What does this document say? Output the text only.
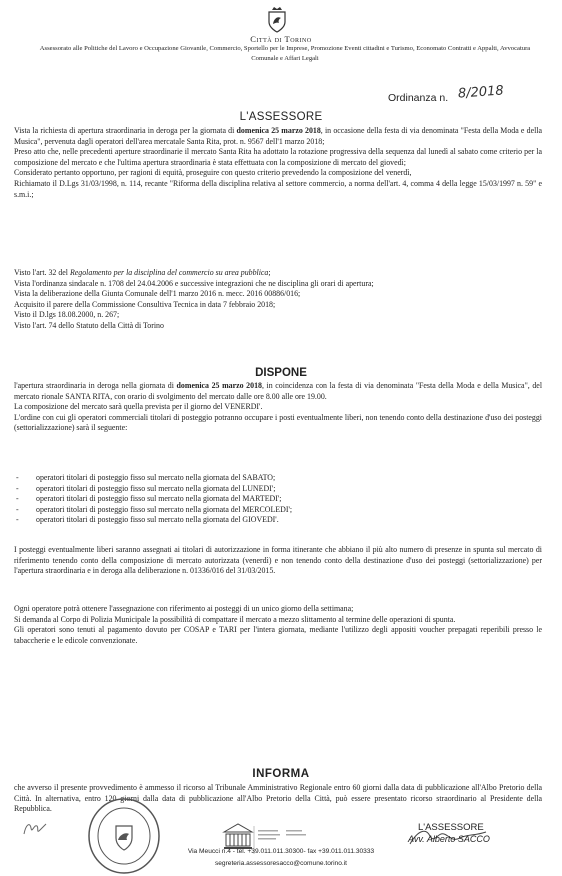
Città di Torino
Assessorato alle Politiche del Lavoro e Occupazione Giovanile, Commercio, Sportello per le Imprese, Promozione Eventi cittadini e Turismo, Economato Contratti e Appalti, Avvocatura Comunale e Affari Legali
Ordinanza n. 8/2018
L'ASSESSORE

Vista la richiesta di apertura straordinaria in deroga per la giornata di domenica 25 marzo 2018, in occasione della festa di via denominata "Festa della Moda e della Musica", pervenuta dagli operatori dell'area mercatale Santa Rita, prot. n. 9567 dell'1 marzo 2018;

Preso atto che, nelle precedenti aperture straordinarie il mercato Santa Rita ha adottato la rotazione progressiva della sequenza dal lunedì al sabato come criterio per la composizione del mercato e che l'ultima apertura straordinaria è stata effettuata con la composizione di mercato del giovedì;

Considerato pertanto opportuno, per ragioni di equità, proseguire con questo criterio prevedendo la composizione del venerdì,

Richiamato il D.Lgs 31/03/1998, n. 114, recante "Riforma della disciplina relativa al settore commercio, a norma dell'art. 4, comma 4 della legge 15/03/1997 n. 59" e s.m.i.;

Visto l'art. 32 del Regolamento per la disciplina del commercio su area pubblica;

Vista l'ordinanza sindacale n. 1708 del 24.04.2006 e successive integrazioni che ne disciplina gli orari di apertura;

Vista la deliberazione della Giunta Comunale dell'1 marzo 2016 n. mecc. 2016 00886/016;

Acquisito il parere della Commissione Consultiva Tecnica in data 7 febbraio 2018;

Visto il D.lgs 18.08.2000, n. 267;

Visto l'art. 74 dello Statuto della Città di Torino

DISPONE

l'apertura straordinaria in deroga nella giornata di domenica 25 marzo 2018, in coincidenza con la festa di via denominata "Festa della Moda e della Musica", del mercato rionale SANTA RITA, con orario di svolgimento del mercato dalle ore 8.00 alle ore 19.00.

La composizione del mercato sarà quella prevista per il giorno del VENERDI'.

L'ordine con cui gli operatori commerciali titolari di posteggio potranno occupare i posti eventualmente liberi, non tenendo conto della destinazione d'uso dei posteggi (settorializzazione) sarà il seguente:

- operatori titolari di posteggio fisso sul mercato nella giornata del SABATO;
- operatori titolari di posteggio fisso sul mercato nella giornata del LUNEDI';
- operatori titolari di posteggio fisso sul mercato nella giornata del MARTEDI';
- operatori titolari di posteggio fisso sul mercato nella giornata del MERCOLEDI';
- operatori titolari di posteggio fisso sul mercato nella giornata del GIOVEDI'.

I posteggi eventualmente liberi saranno assegnati ai titolari di autorizzazione in forma itinerante che abbiano il più alto numero di presenze in spunta sul mercato di riferimento tenendo conto della composizione di mercato autorizzata (venerdì) e non tenendo conto della destinazione d'uso dei posteggi (settorializzazione) per l'apertura straordinaria e in deroga alla deliberazione n. 01336/016 del 31/03/2015.

Ogni operatore potrà ottenere l'assegnazione con riferimento ai posteggi di un unico giorno della settimana;

Si demanda al Corpo di Polizia Municipale la possibilità di compattare il mercato a mezzo slittamento al termine delle operazioni di spunta.

Gli operatori sono tenuti al pagamento dovuto per COSAP e TARI per l'intera giornata, mediante l'utilizzo degli appositi voucher prepagati reperibili presso le tabaccherie e le edicole convenzionate.

INFORMA

che avverso il presente provvedimento è ammesso il ricorso al Tribunale Amministrativo Regionale entro 60 giorni dalla data di pubblicazione all'Albo Pretorio della Città. In alternativa, entro 120 giorni dalla data di pubblicazione all'Albo Pretorio della Città, può essere presentato ricorso straordinario al Presidente della Repubblica.

L'ASSESSORE
Avv. Alberto SACCO
Via Meucci n.4 - tel. +39.011.011.30300- fax +39.011.011.30333
segreteria.assessoresacco@comune.torino.it
